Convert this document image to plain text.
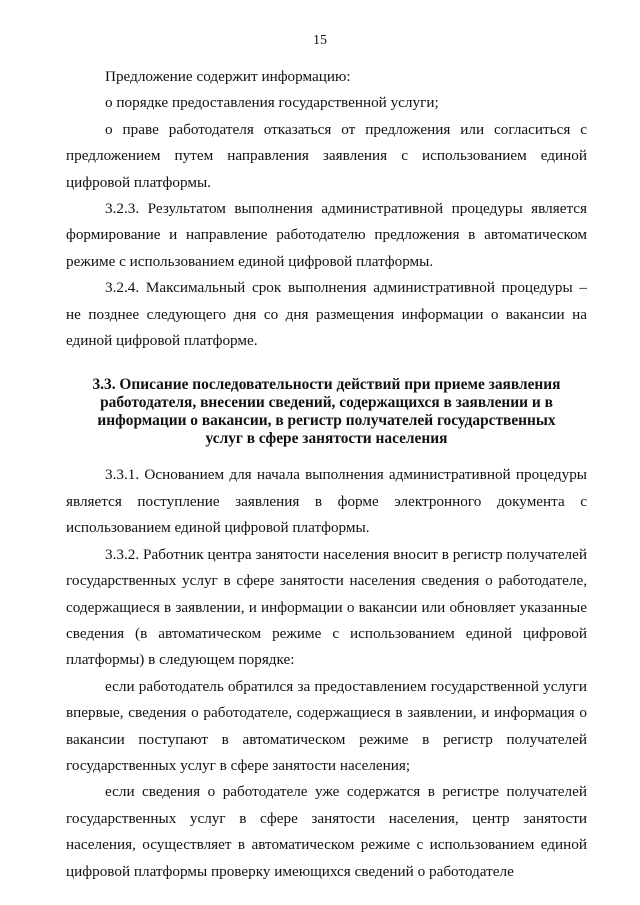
15

Предложение содержит информацию:

о порядке предоставления государственной услуги;

о праве работодателя отказаться от предложения или согласиться с предложением путем направления заявления с использованием единой цифровой платформы.

3.2.3. Результатом выполнения административной процедуры является формирование и направление работодателю предложения в автоматическом режиме с использованием единой цифровой платформы.

3.2.4. Максимальный срок выполнения административной процедуры – не позднее следующего дня со дня размещения информации о вакансии на единой цифровой платформе.

3.3. Описание последовательности действий при приеме заявления работодателя, внесении сведений, содержащихся в заявлении и в информации о вакансии, в регистр получателей государственных услуг в сфере занятости населения

3.3.1. Основанием для начала выполнения административной процедуры является поступление заявления в форме электронного документа с использованием единой цифровой платформы.

3.3.2. Работник центра занятости населения вносит в регистр получателей государственных услуг в сфере занятости населения сведения о работодателе, содержащиеся в заявлении, и информации о вакансии или обновляет указанные сведения (в автоматическом режиме с использованием единой цифровой платформы) в следующем порядке:

если работодатель обратился за предоставлением государственной услуги впервые, сведения о работодателе, содержащиеся в заявлении, и информация о вакансии поступают в автоматическом режиме в регистр получателей государственных услуг в сфере занятости населения;

если сведения о работодателе уже содержатся в регистре получателей государственных услуг в сфере занятости населения, центр занятости населения, осуществляет в автоматическом режиме с использованием единой цифровой платформы проверку имеющихся сведений о работодателе
